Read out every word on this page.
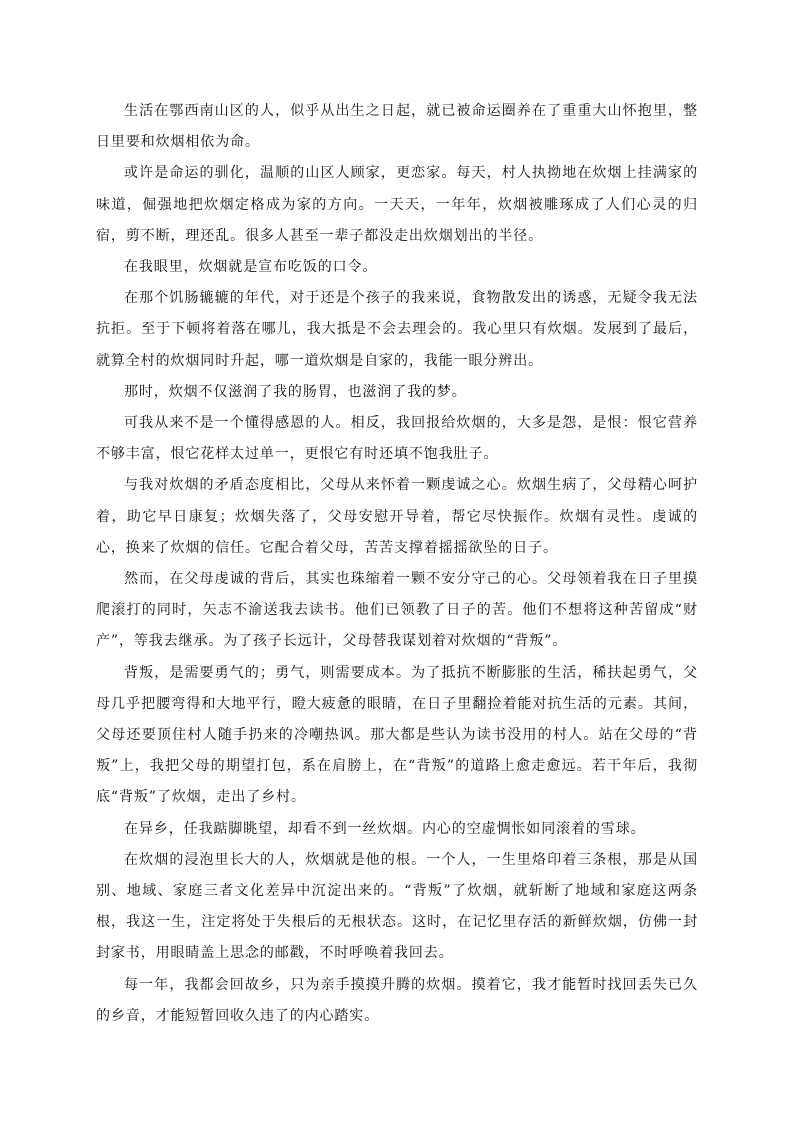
生活在鄂西南山区的人，似乎从出生之日起，就已被命运圈养在了重重大山怀抱里，整日里要和炊烟相依为命。

或许是命运的驯化，温顺的山区人顾家，更恋家。每天，村人执拗地在炊烟上挂满家的味道，倔强地把炊烟定格成为家的方向。一天天，一年年，炊烟被雕琢成了人们心灵的归宿，剪不断，理还乱。很多人甚至一辈子都没走出炊烟划出的半径。

在我眼里，炊烟就是宣布吃饭的口令。

在那个饥肠辘辘的年代，对于还是个孩子的我来说，食物散发出的诱惑，无疑令我无法抗拒。至于下顿将着落在哪儿，我大抵是不会去理会的。我心里只有炊烟。发展到了最后，就算全村的炊烟同时升起，哪一道炊烟是自家的，我能一眼分辨出。

那时，炊烟不仅滋润了我的肠胃，也滋润了我的梦。

可我从来不是一个懂得感恩的人。相反，我回报给炊烟的，大多是怨，是恨：恨它营养不够丰富，恨它花样太过单一，更恨它有时还填不饱我肚子。

与我对炊烟的矛盾态度相比，父母从来怀着一颗虔诚之心。炊烟生病了，父母精心呵护着，助它早日康复；炊烟失落了，父母安慰开导着，帮它尽快振作。炊烟有灵性。虔诚的心，换来了炊烟的信任。它配合着父母，苦苦支撑着摇摇欲坠的日子。

然而，在父母虔诚的背后，其实也珠缩着一颗不安分守己的心。父母领着我在日子里摸爬滚打的同时，矢志不渝送我去读书。他们已领教了日子的苦。他们不想将这种苦留成“财产”，等我去继承。为了孩子长远计，父母替我谋划着对炊烟的“背叛”。

背叛，是需要勇气的；勇气，则需要成本。为了抵抗不断膨胀的生活，稀扶起勇气，父母几乎把腰弯得和大地平行，瞪大疲惫的眼睛，在日子里翻捡着能对抗生活的元素。其间，父母还要顶住村人随手扔来的冷嘲热讽。那大都是些认为读书没用的村人。站在父母的“背叛”上，我把父母的期望打包，系在肩膀上，在“背叛”的道路上愈走愈远。若干年后，我彻底“背叛”了炊烟，走出了乡村。

在异乡，任我踮脚眺望，却看不到一丝炊烟。内心的空虚惆怅如同滚着的雪球。

在炊烟的浸泡里长大的人，炊烟就是他的根。一个人，一生里烙印着三条根，那是从国别、地域、家庭三者文化差异中沉淀出来的。“背叛”了炊烟，就斩断了地域和家庭这两条根，我这一生，注定将处于失根后的无根状态。这时，在记忆里存活的新鲜炊烟，仿佛一封封家书，用眼睛盖上思念的邮戳，不时呼唤着我回去。

每一年，我都会回故乡，只为亲手摸摸升腾的炊烟。摸着它，我才能暂时找回丢失已久的乡音，才能短暂回收久违了的内心踏实。
